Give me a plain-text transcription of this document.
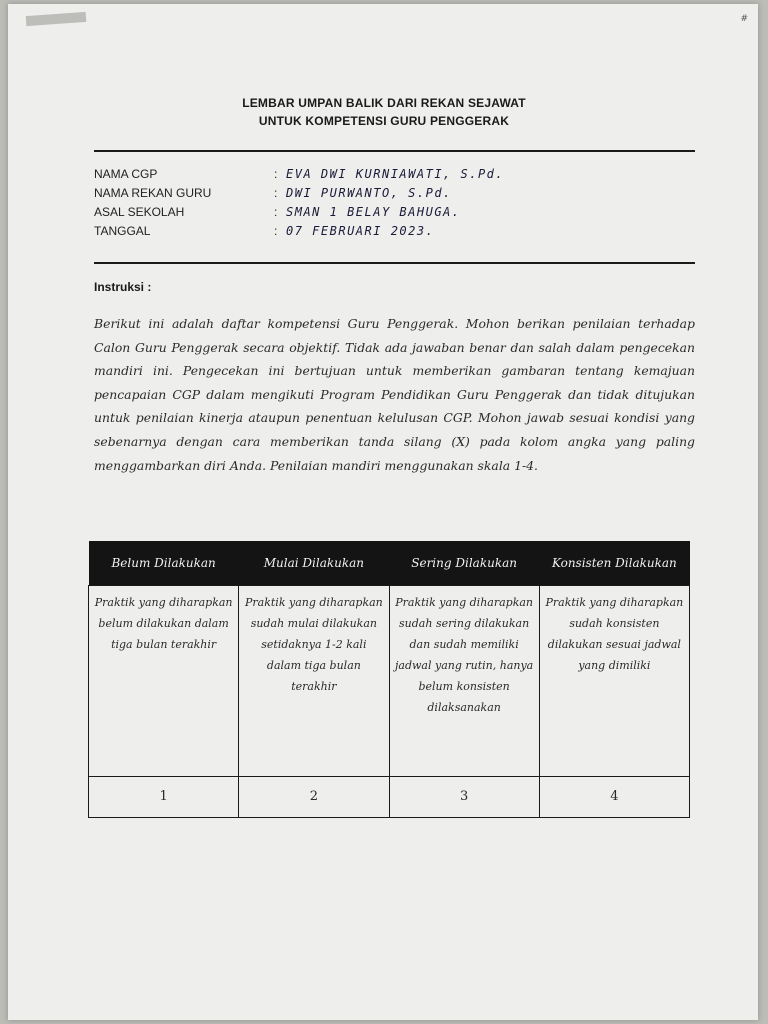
#
LEMBAR UMPAN BALIK DARI REKAN SEJAWAT
UNTUK KOMPETENSI GURU PENGGERAK
NAMA CGP	: EVA DWI KURNIAWATI, S.Pd.
NAMA REKAN GURU	: DWI PURWANTO, S.Pd.
ASAL SEKOLAH	: SMAN 1 BELAY BAHUGA.
TANGGAL	: 07 FEBRUARI 2023.
Instruksi :
Berikut ini adalah daftar kompetensi Guru Penggerak. Mohon berikan penilaian terhadap Calon Guru Penggerak secara objektif. Tidak ada jawaban benar dan salah dalam pengecekan mandiri ini. Pengecekan ini bertujuan untuk memberikan gambaran tentang kemajuan pencapaian CGP dalam mengikuti Program Pendidikan Guru Penggerak dan tidak ditujukan untuk penilaian kinerja ataupun penentuan kelulusan CGP. Mohon jawab sesuai kondisi yang sebenarnya dengan cara memberikan tanda silang (X) pada kolom angka yang paling menggambarkan diri Anda. Penilaian mandiri menggunakan skala 1-4.
Belum Dilakukan	Mulai Dilakukan	Sering Dilakukan	Konsisten Dilakukan
Praktik yang diharapkan belum dilakukan dalam tiga bulan terakhir	Praktik yang diharapkan sudah mulai dilakukan setidaknya 1-2 kali dalam tiga bulan terakhir	Praktik yang diharapkan sudah sering dilakukan dan sudah memiliki jadwal yang rutin, hanya belum konsisten dilaksanakan	Praktik yang diharapkan sudah konsisten dilakukan sesuai jadwal yang dimiliki
1	2	3	4
